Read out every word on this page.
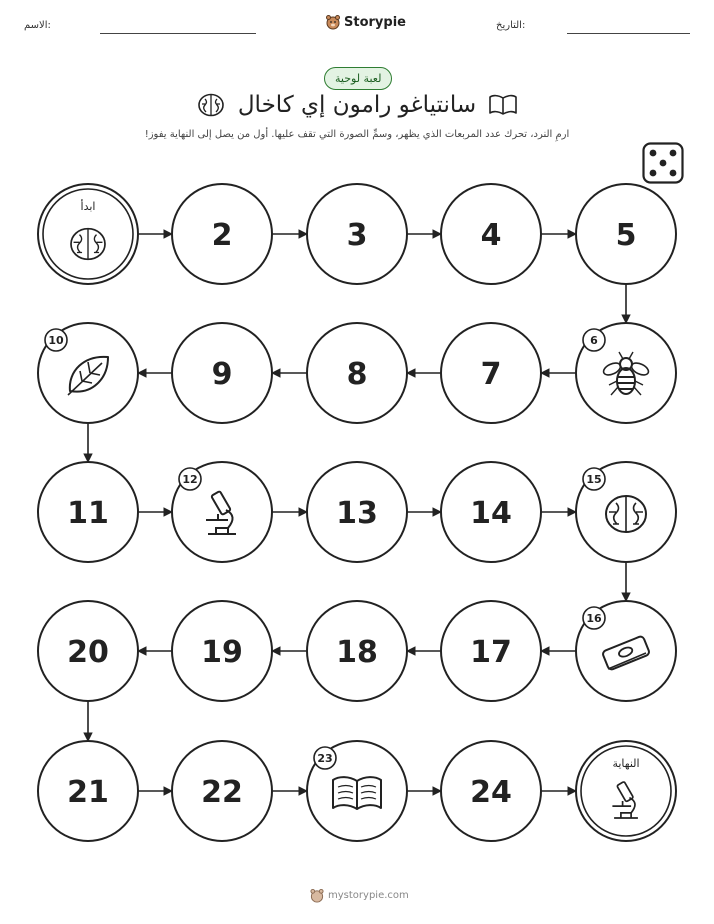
الاسم:	Storypie	التاريخ:
لعبة لوحية
سانتياغو رامون إي كاخال
ارمِ النرد، تحرك عدد المربعات الذي يظهر، وسمِّ الصورة التي تقف عليها. أول من يصل إلى النهاية يفوز!
ابدأ
2	3	4	5
6
7
8
9
10
11
12
13	14
15
16
17
18
19
20
21	22
23
24
النهاية
mystorypie.com
